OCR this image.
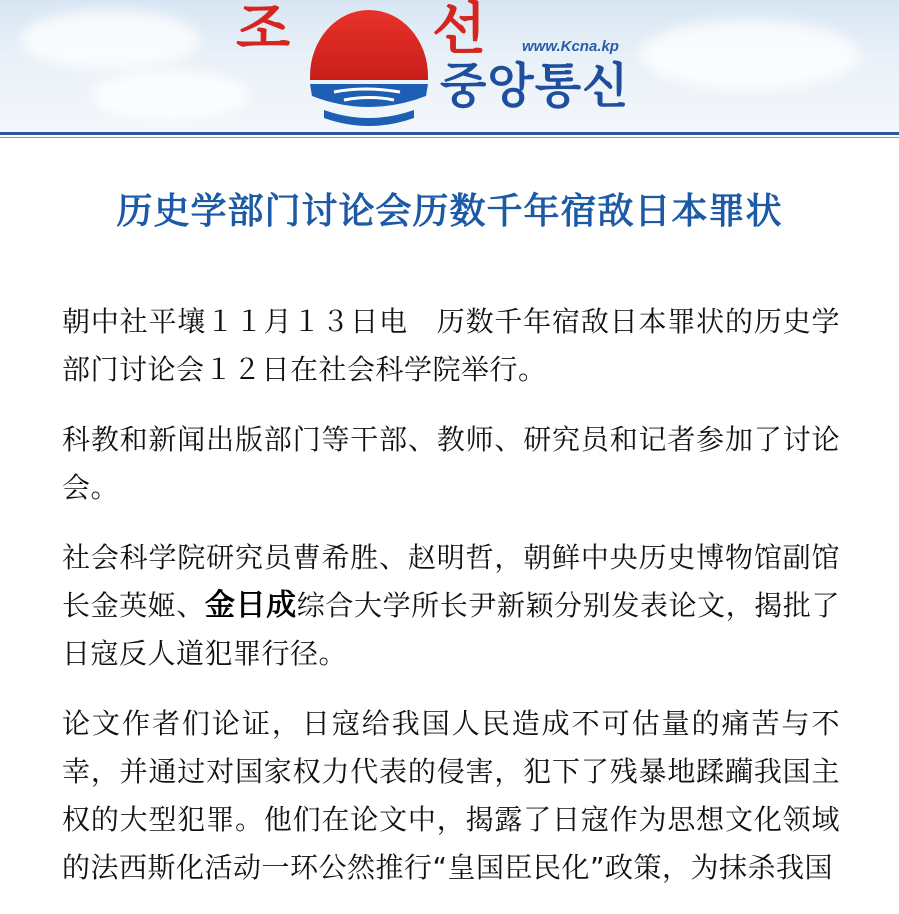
조 선 www.Kcna.kp
중앙통신
历史学部门讨论会历数千年宿敌日本罪状

朝中社平壤１１月１３日电　历数千年宿敌日本罪状的历史学部门讨论会１２日在社会科学院举行。

科教和新闻出版部门等干部、教师、研究员和记者参加了讨论会。

社会科学院研究员曹希胜、赵明哲，朝鲜中央历史博物馆副馆长金英姬、金日成综合大学所长尹新颖分别发表论文，揭批了日寇反人道犯罪行径。

论文作者们论证，日寇给我国人民造成不可估量的痛苦与不幸，并通过对国家权力代表的侵害，犯下了残暴地蹂躏我国主权的大型犯罪。他们在论文中，揭露了日寇作为思想文化领域的法西斯化活动一环公然推行“皇国臣民化”政策，为抹杀我国
